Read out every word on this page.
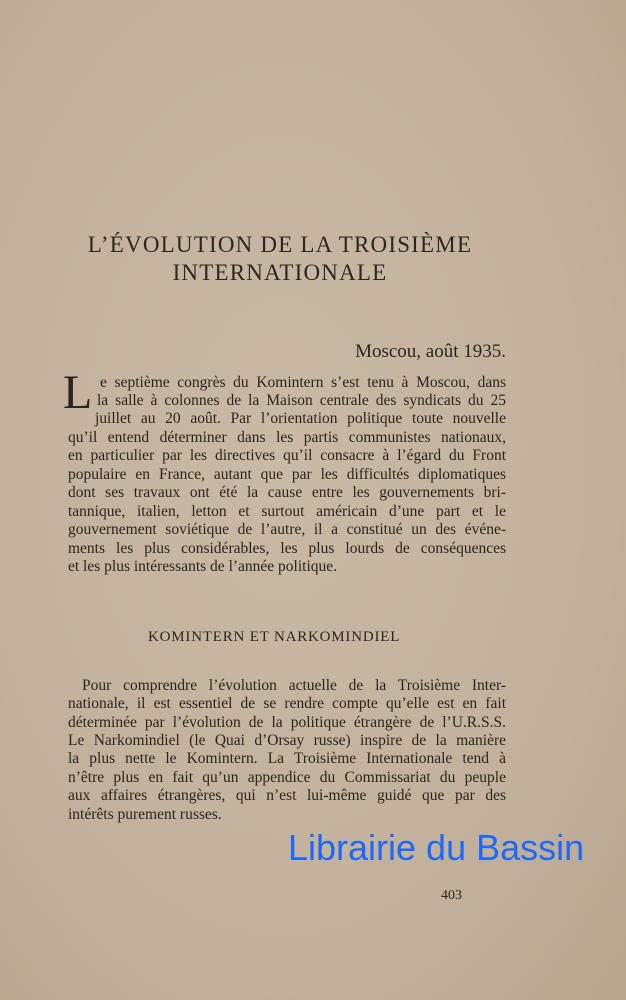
L’ÉVOLUTION DE LA TROISIÈME
INTERNATIONALE
Moscou, août 1935.
L e septième congrès du Komintern s’est tenu à Moscou, dans
la salle à colonnes de la Maison centrale des syndicats du 25
juillet au 20 août. Par l’orientation politique toute nouvelle
qu’il entend déterminer dans les partis communistes nationaux,
en particulier par les directives qu’il consacre à l’égard du Front
populaire en France, autant que par les difficultés diplomatiques
dont ses travaux ont été la cause entre les gouvernements bri-
tannique, italien, letton et surtout américain d’une part et le
gouvernement soviétique de l’autre, il a constitué un des événe-
ments les plus considérables, les plus lourds de conséquences
et les plus intéressants de l’année politique.
KOMINTERN ET NARKOMINDIEL
Pour comprendre l’évolution actuelle de la Troisième Inter-
nationale, il est essentiel de se rendre compte qu’elle est en fait
déterminée par l’évolution de la politique étrangère de l’U.R.S.S.
Le Narkomindiel (le Quai d’Orsay russe) inspire de la manière
la plus nette le Komintern. La Troisième Internationale tend à
n’être plus en fait qu’un appendice du Commissariat du peuple
aux affaires étrangères, qui n’est lui-même guidé que par des
intérêts purement russes.
Librairie du Bassin
403
